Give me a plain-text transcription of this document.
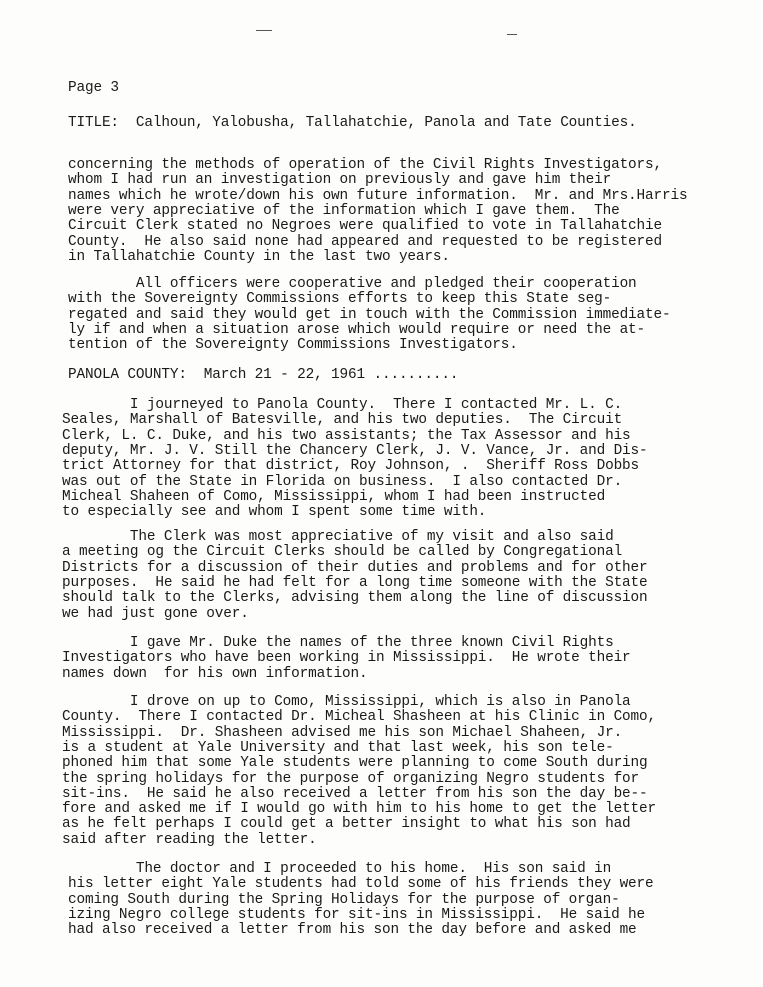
Page 3
TITLE: Calhoun, Yalobusha, Tallahatchie, Panola and Tate Counties.
concerning the methods of operation of the Civil Rights Investigators,
whom I had run an investigation on previously and gave him their
names which he wrote/down his own future information.  Mr. and Mrs.Harris
were very appreciative of the information which I gave them.  The
Circuit Clerk stated no Negroes were qualified to vote in Tallahatchie
County.  He also said none had appeared and requested to be registered
in Tallahatchie County in the last two years.
All officers were cooperative and pledged their cooperation
with the Sovereignty Commissions efforts to keep this State seg-
regated and said they would get in touch with the Commission immediate-
ly if and when a situation arose which would require or need the at-
tention of the Sovereignty Commissions Investigators.
PANOLA COUNTY:  March 21 - 22, 1961 ..........
I journeyed to Panola County.  There I contacted Mr. L. C.
Seales, Marshall of Batesville, and his two deputies.  The Circuit
Clerk, L. C. Duke, and his two assistants; the Tax Assessor and his
deputy, Mr. J. V. Still the Chancery Clerk, J. V. Vance, Jr. and Dis-
trict Attorney for that district, Roy Johnson, .  Sheriff Ross Dobbs
was out of the State in Florida on business.  I also contacted Dr.
Micheal Shaheen of Como, Mississippi, whom I had been instructed
to especially see and whom I spent some time with.
The Clerk was most appreciative of my visit and also said
a meeting og the Circuit Clerks should be called by Congregational
Districts for a discussion of their duties and problems and for other
purposes.  He said he had felt for a long time someone with the State
should talk to the Clerks, advising them along the line of discussion
we had just gone over.
I gave Mr. Duke the names of the three known Civil Rights
Investigators who have been working in Mississippi.  He wrote their
names down  for his own information.
I drove on up to Como, Mississippi, which is also in Panola
County.  There I contacted Dr. Micheal Shasheen at his Clinic in Como,
Mississippi.  Dr. Shasheen advised me his son Michael Shaheen, Jr.
is a student at Yale University and that last week, his son tele-
phoned him that some Yale students were planning to come South during
the spring holidays for the purpose of organizing Negro students for
sit-ins.  He said he also received a letter from his son the day be--
fore and asked me if I would go with him to his home to get the letter
as he felt perhaps I could get a better insight to what his son had
said after reading the letter.
The doctor and I proceeded to his home.  His son said in
his letter eight Yale students had told some of his friends they were
coming South during the Spring Holidays for the purpose of organ-
izing Negro college students for sit-ins in Mississippi.  He said he
had also received a letter from his son the day before and asked me
